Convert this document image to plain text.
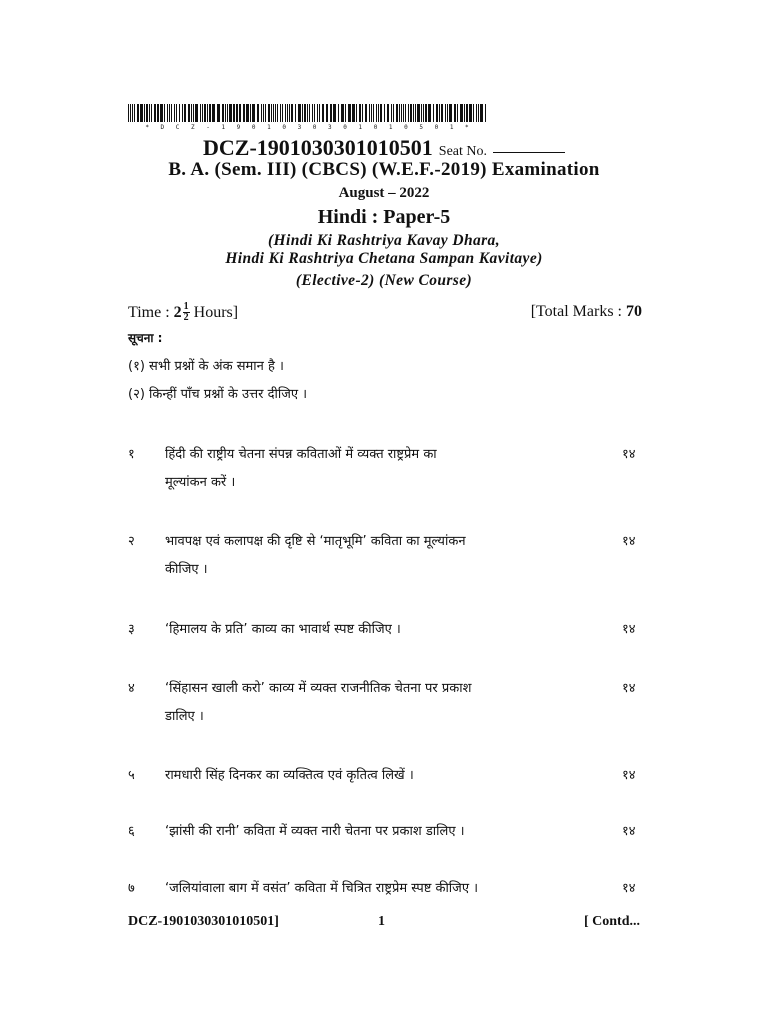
* D C Z - 1 9 0 1 0 3 0 3 0 1 0 1 0 5 0 1 *
DCZ-1901030301010501 Seat No.
B. A. (Sem. III) (CBCS) (W.E.F.-2019) Examination
August – 2022
Hindi : Paper-5
(Hindi Ki Rashtriya Kavay Dhara,
Hindi Ki Rashtriya Chetana Sampan Kavitaye)
(Elective-2) (New Course)
Time :
$2 \frac{1}{2}$ Hours]	[Total Marks : 70
सूचना :
(१) सभी प्रश्नों के अंक समान है ।
(२) किन्हीं पाँच प्रश्नों के उत्तर दीजिए ।
१ हिंदी की राष्ट्रीय चेतना संपन्न कविताओं में व्यक्त राष्ट्रप्रेम का
मूल्यांकन करें ।
१४
२ भावपक्ष एवं कलापक्ष की दृष्टि से ‘मातृभूमि’ कविता का मूल्यांकन
कीजिए ।
१४
३ ‘हिमालय के प्रति’ काव्य का भावार्थ स्पष्ट कीजिए ।	१४
४ ‘सिंहासन खाली करो’ काव्य में व्यक्त राजनीतिक चेतना पर प्रकाश
डालिए ।
१४
५ रामधारी सिंह दिनकर का व्यक्तित्व एवं कृतित्व लिखें ।	१४
६ ‘झांसी की रानी’ कविता में व्यक्त नारी चेतना पर प्रकाश डालिए ।	१४
७ ‘जलियांवाला बाग में वसंत’ कविता में चित्रित राष्ट्रप्रेम स्पष्ट कीजिए ।	१४
DCZ-1901030301010501]	1	[ Contd...
